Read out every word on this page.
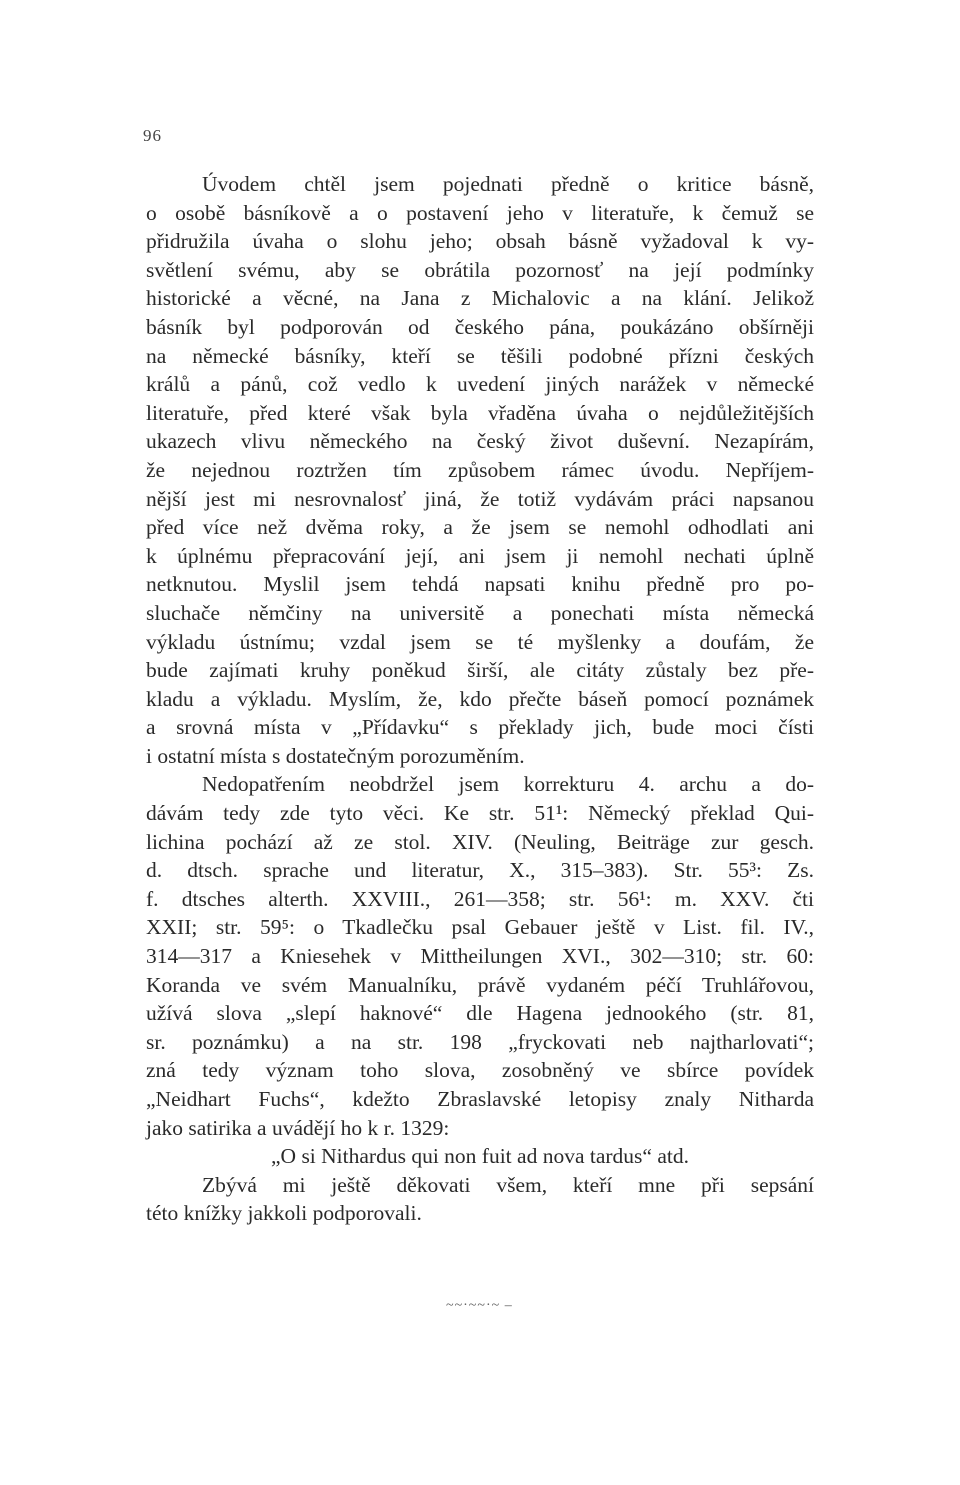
96

Úvodem chtěl jsem pojednati předně o kritice básně,
o osobě básníkově a o postavení jeho v literatuře, k čemuž se
přidružila úvaha o slohu jeho; obsah básně vyžadoval k vy-
světlení svému, aby se obrátila pozornosť na její podmínky
historické a věcné, na Jana z Michalovic a na klání. Jelikož
básník byl podporován od českého pána, poukázáno obšírněji
na německé básníky, kteří se těšili podobné přízni českých
králů a pánů, což vedlo k uvedení jiných narážek v německé
literatuře, před které však byla vřaděna úvaha o nejdůležitějších
ukazech vlivu německého na český život duševní. Nezapírám,
že nejednou roztržen tím způsobem rámec úvodu. Nepříjem-
nější jest mi nesrovnalosť jiná, že totiž vydávám práci napsanou
před více než dvěma roky, a že jsem se nemohl odhodlati ani
k úplnému přepracování její, ani jsem ji nemohl nechati úplně
netknutou. Myslil jsem tehdá napsati knihu předně pro po-
sluchače němčiny na universitě a ponechati místa německá
výkladu ústnímu; vzdal jsem se té myšlenky a doufám, že
bude zajímati kruhy poněkud širší, ale citáty zůstaly bez pře-
kladu a výkladu. Myslím, že, kdo přečte báseň pomocí poznámek
a srovná místa v „Přídavku“ s překlady jich, bude moci čísti
i ostatní místa s dostatečným porozuměním.

Nedopatřením neobdržel jsem korrekturu 4. archu a do-
dávám tedy zde tyto věci. Ke str. 51¹: Německý překlad Qui-
lichina pochází až ze stol. XIV. (Neuling, Beiträge zur gesch.
d. dtsch. sprache und literatur, X., 315–383). Str. 55³: Zs.
f. dtsches alterth. XXVIII., 261—358; str. 56¹: m. XXV. čti
XXII; str. 59⁵: o Tkadlečku psal Gebauer ještě v List. fil. IV.,
314—317 a Kniesehek v Mittheilungen XVI., 302—310; str. 60:
Koranda ve svém Manualníku, právě vydaném péčí Truhlářovou,
užívá slova „slepí haknové“ dle Hagena jednookého (str. 81,
sr. poznámku) a na str. 198 „fryckovati neb najtharlovati“;
zná tedy význam toho slova, zosobněný ve sbírce povídek
„Neidhart Fuchs“, kdežto Zbraslavské letopisy znaly Nitharda
jako satirika a uvádějí ho k r. 1329:

„O si Nithardus qui non fuit ad nova tardus“ atd.

Zbývá mi ještě děkovati všem, kteří mne při sepsání
této knížky jakkoli podporovali.

~~·~~·~ –
